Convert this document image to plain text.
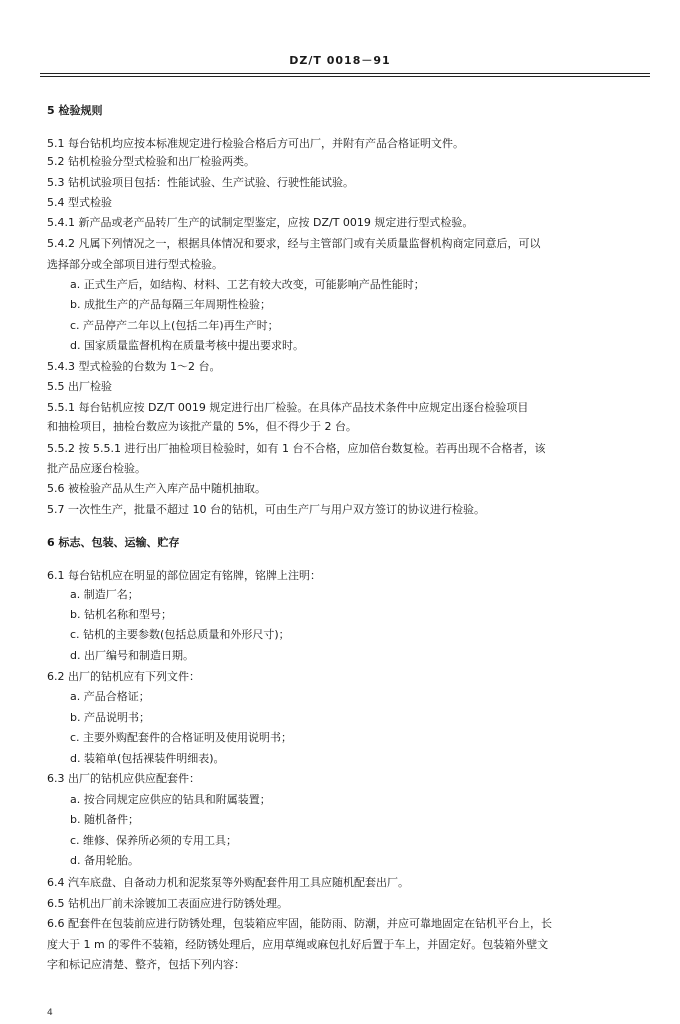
DZ/T 0018－91
5 检验规则
5.1 每台钻机均应按本标准规定进行检验合格后方可出厂，并附有产品合格证明文件。
5.2 钻机检验分型式检验和出厂检验两类。
5.3 钻机试验项目包括：性能试验、生产试验、行驶性能试验。
5.4 型式检验
5.4.1 新产品或老产品转厂生产的试制定型鉴定，应按 DZ/T 0019 规定进行型式检验。
5.4.2 凡属下列情况之一，根据具体情况和要求，经与主管部门或有关质量监督机构商定同意后，可以
选择部分或全部项目进行型式检验。
a. 正式生产后，如结构、材料、工艺有较大改变，可能影响产品性能时；
b. 成批生产的产品每隔三年周期性检验；
c. 产品停产二年以上(包括二年)再生产时；
d. 国家质量监督机构在质量考核中提出要求时。
5.4.3 型式检验的台数为 1～2 台。
5.5 出厂检验
5.5.1 每台钻机应按 DZ/T 0019 规定进行出厂检验。在具体产品技术条件中应规定出逐台检验项目
和抽检项目，抽检台数应为该批产量的 5%，但不得少于 2 台。
5.5.2 按 5.5.1 进行出厂抽检项目检验时，如有 1 台不合格，应加倍台数复检。若再出现不合格者，该
批产品应逐台检验。
5.6 被检验产品从生产入库产品中随机抽取。
5.7 一次性生产，批量不超过 10 台的钻机，可由生产厂与用户双方签订的协议进行检验。
6 标志、包装、运输、贮存
6.1 每台钻机应在明显的部位固定有铭牌，铭牌上注明：
a. 制造厂名；
b. 钻机名称和型号；
c. 钻机的主要参数(包括总质量和外形尺寸)；
d. 出厂编号和制造日期。
6.2 出厂的钻机应有下列文件：
a. 产品合格证；
b. 产品说明书；
c. 主要外购配套件的合格证明及使用说明书；
d. 装箱单(包括裸装件明细表)。
6.3 出厂的钻机应供应配套件：
a. 按合同规定应供应的钻具和附属装置；
b. 随机备件；
c. 维修、保养所必须的专用工具；
d. 备用轮胎。
6.4 汽车底盘、自备动力机和泥浆泵等外购配套件用工具应随机配套出厂。
6.5 钻机出厂前未涂镀加工表面应进行防锈处理。
6.6 配套件在包装前应进行防锈处理，包装箱应牢固，能防雨、防潮，并应可靠地固定在钻机平台上，长
度大于 1 m 的零件不装箱，经防锈处理后，应用草绳或麻包扎好后置于车上，并固定好。包装箱外壁文
字和标记应清楚、整齐，包括下列内容：
4
